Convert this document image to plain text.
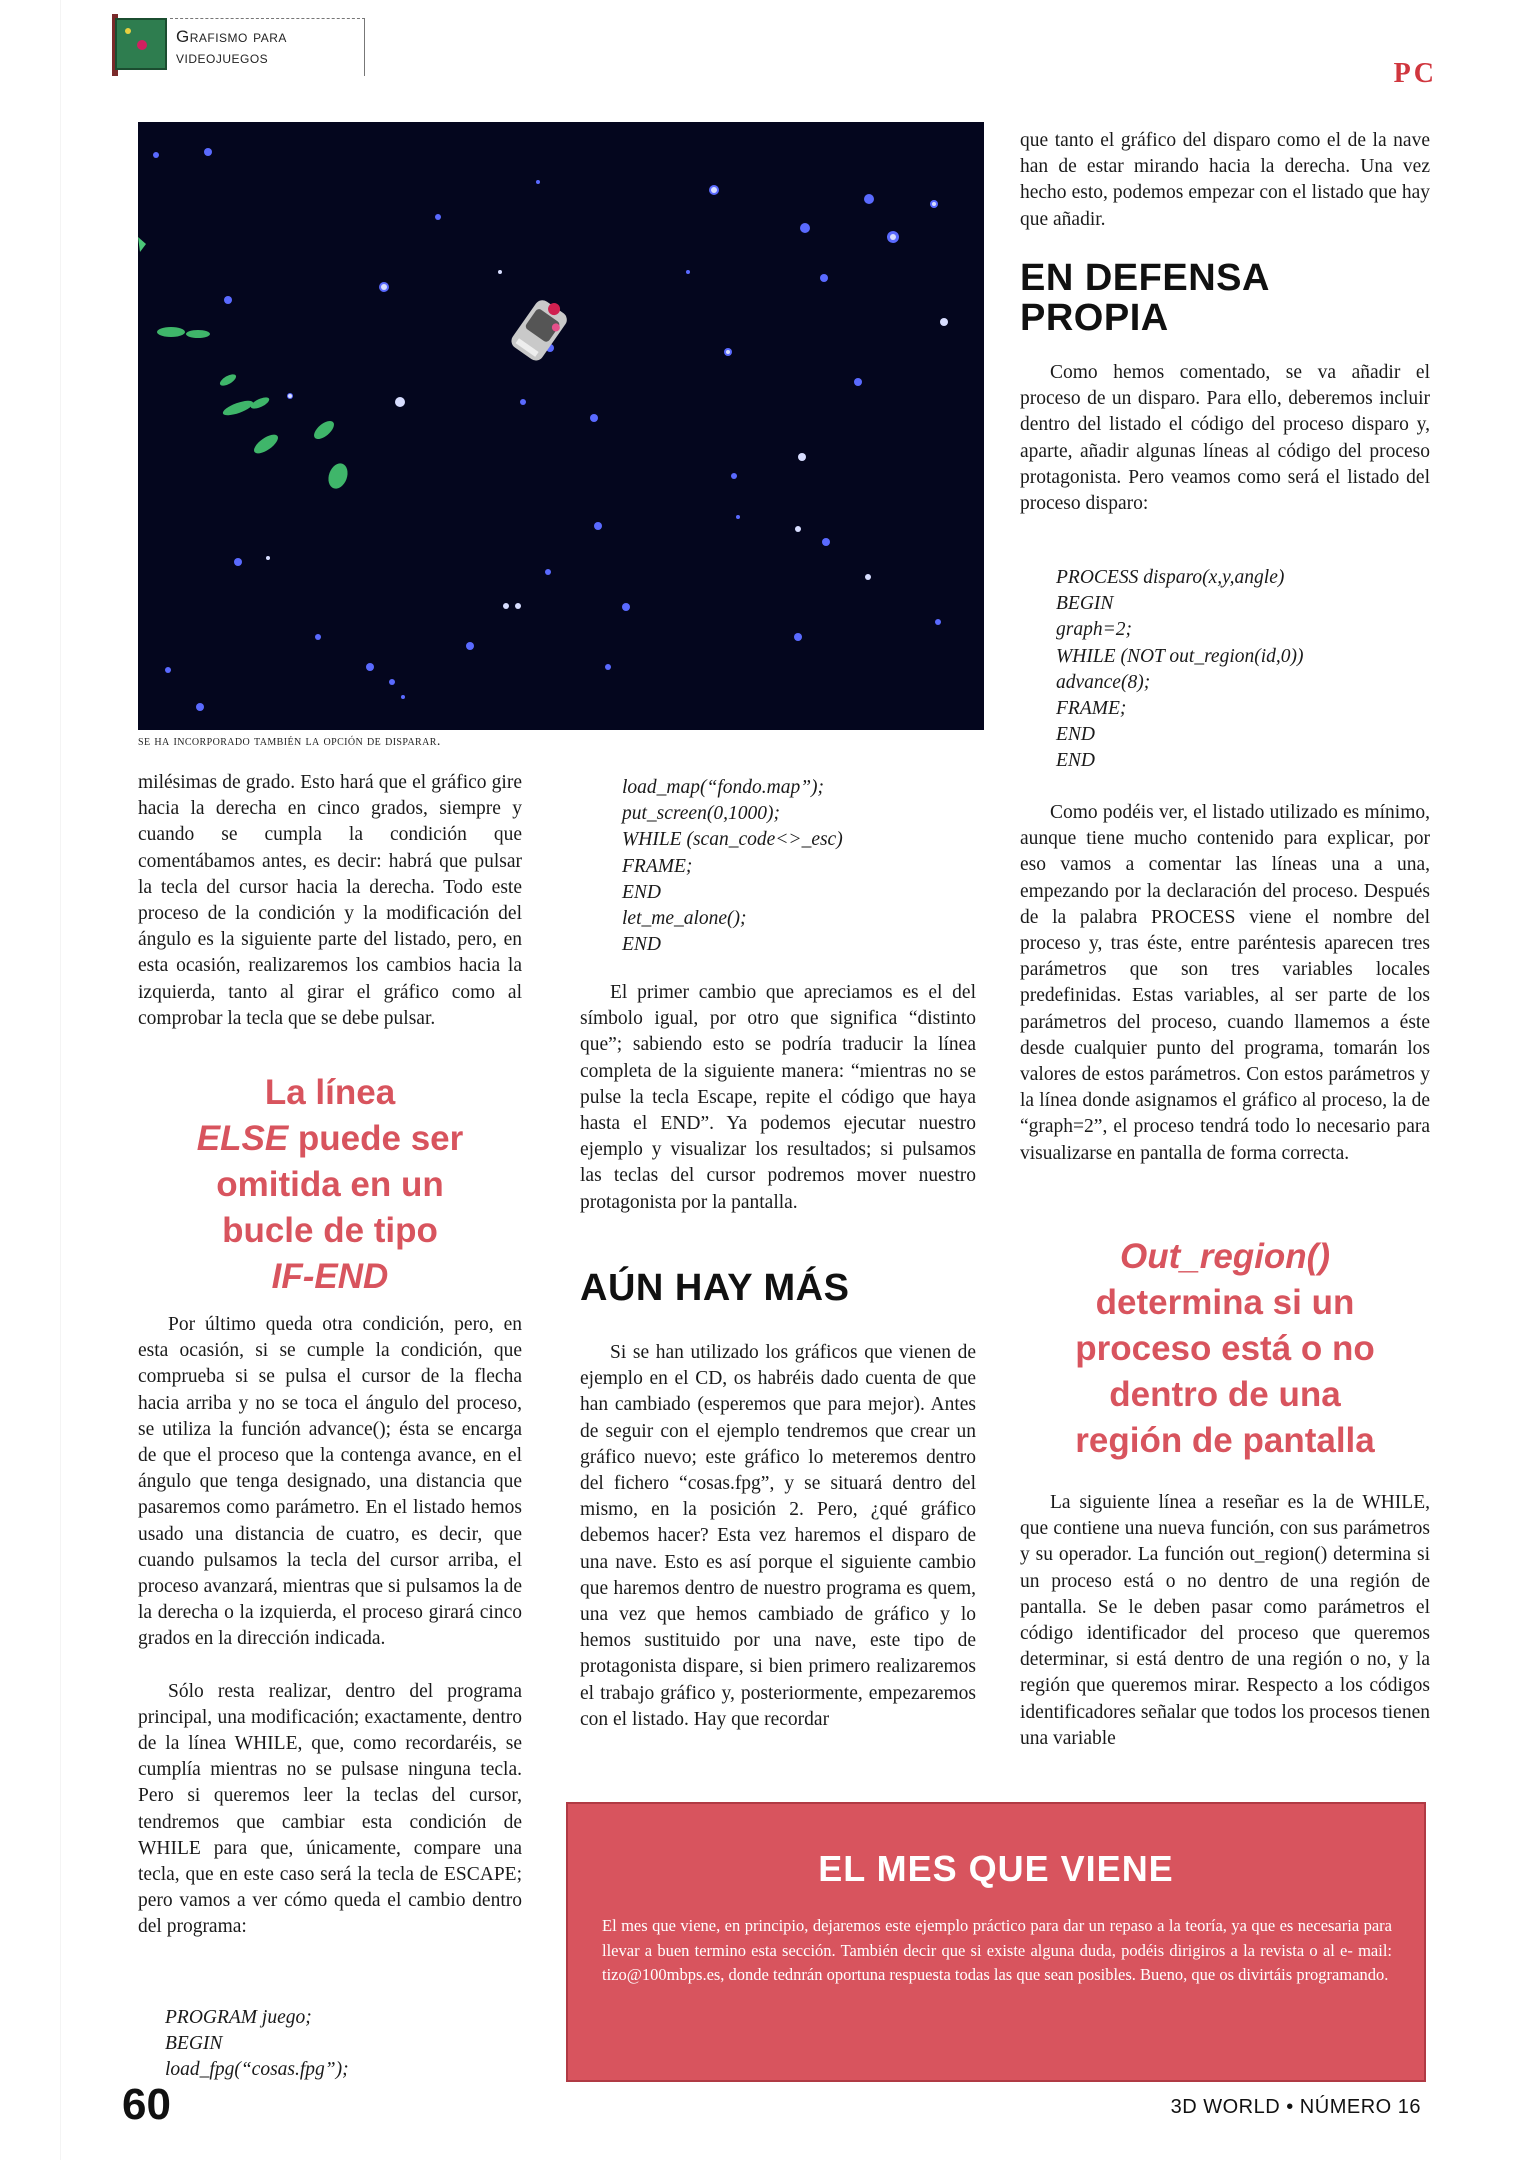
Grafismo para
videojuegos
PC
se ha incorporado también la opción de disparar.

milésimas de grado. Esto hará que el gráfico gire hacia la derecha en cinco grados, siempre y cuando se cumpla la condición que comentábamos antes, es decir: habrá que pulsar la tecla del cursor hacia la derecha. Todo este proceso de la condición y la modificación del ángulo es la siguiente parte del listado, pero, en esta ocasión, realizaremos los cambios hacia la izquierda, tanto al girar el gráfico como al comprobar la tecla que se debe pulsar.

La línea
ELSE puede ser
omitida en un
bucle de tipo
IF-END

Por último queda otra condición, pero, en esta ocasión, si se cumple la condición, que comprueba si se pulsa el cursor de la flecha hacia arriba y no se toca el ángulo del proceso, se utiliza la función advance(); ésta se encarga de que el proceso que la contenga avance, en el ángulo que tenga designado, una distancia que pasaremos como parámetro. En el listado hemos usado una distancia de cuatro, es decir, que cuando pulsamos la tecla del cursor arriba, el proceso avanzará, mientras que si pulsamos la de la derecha o la izquierda, el proceso girará cinco grados en la dirección indicada.

Sólo resta realizar, dentro del programa principal, una modificación; exactamente, dentro de la línea WHILE, que, como recordaréis, se cumplía mientras no se pulsase ninguna tecla. Pero si queremos leer la teclas del cursor, tendremos que cambiar esta condición de WHILE para que, únicamente, compare una tecla, que en este caso será la tecla de ESCAPE; pero vamos a ver cómo queda el cambio dentro del programa:

PROGRAM juego;
BEGIN
load_fpg(“cosas.fpg”);
load_map(“fondo.map”);
put_screen(0,1000);
WHILE (scan_code<>_esc)
FRAME;
END
let_me_alone();
END

El primer cambio que apreciamos es el del símbolo igual, por otro que significa “distinto que”; sabiendo esto se podría traducir la línea completa de la siguiente manera: “mientras no se pulse la tecla Escape, repite el código que haya hasta el END”. Ya podemos ejecutar nuestro ejemplo y visualizar los resultados; si pulsamos las teclas del cursor podremos mover nuestro protagonista por la pantalla.

AÚN HAY MÁS

Si se han utilizado los gráficos que vienen de ejemplo en el CD, os habréis dado cuenta de que han cambiado (esperemos que para mejor). Antes de seguir con el ejemplo tendremos que crear un gráfico nuevo; este gráfico lo meteremos dentro del fichero “cosas.fpg”, y se situará dentro del mismo, en la posición 2. Pero, ¿qué gráfico debemos hacer? Esta vez haremos el disparo de una nave. Esto es así porque el siguiente cambio que haremos dentro de nuestro programa es quem, una vez que hemos cambiado de gráfico y lo hemos sustituido por una nave, este tipo de protagonista dispare, si bien primero realizaremos el trabajo gráfico y, posteriormente, empezaremos con el listado. Hay que recordar

que tanto el gráfico del disparo como el de la nave han de estar mirando hacia la derecha. Una vez hecho esto, podemos empezar con el listado que hay que añadir.

EN DEFENSA
PROPIA

Como hemos comentado, se va añadir el proceso de un disparo. Para ello, deberemos incluir dentro del listado el código del proceso disparo y, aparte, añadir algunas líneas al código del proceso protagonista. Pero veamos como será el listado del proceso disparo:

PROCESS disparo(x,y,angle)
BEGIN
graph=2;
WHILE (NOT out_region(id,0))
advance(8);
FRAME;
END
END

Como podéis ver, el listado utilizado es mínimo, aunque tiene mucho contenido para explicar, por eso vamos a comentar las líneas una a una, empezando por la declaración del proceso. Después de la palabra PROCESS viene el nombre del proceso y, tras éste, entre paréntesis aparecen tres parámetros que son tres variables locales predefinidas. Estas variables, al ser parte de los parámetros del proceso, cuando llamemos a éste desde cualquier punto del programa, tomarán los valores de estos parámetros. Con estos parámetros y la línea donde asignamos el gráfico al proceso, la de “graph=2”, el proceso tendrá todo lo necesario para visualizarse en pantalla de forma correcta.

Out_region()
determina si un
proceso está o no
dentro de una
región de pantalla

La siguiente línea a reseñar es la de WHILE, que contiene una nueva función, con sus parámetros y su operador. La función out_region() determina si un proceso está o no dentro de una región de pantalla. Se le deben pasar como parámetros el código identificador del proceso que queremos determinar, si está dentro de una región o no, y la región que queremos mirar. Respecto a los códigos identificadores señalar que todos los procesos tienen una variable

EL MES QUE VIENE
El mes que viene, en principio, dejaremos este ejemplo práctico para dar un repaso a la teoría, ya que es necesaria para llevar a buen termino esta sección. También decir que si existe alguna duda, podéis dirigiros a la revista o al e- mail: tizo@100mbps.es, donde tednrán oportuna respuesta todas las que sean posibles. Bueno, que os divirtáis programando.
60	3D WORLD • NÚMERO 16
